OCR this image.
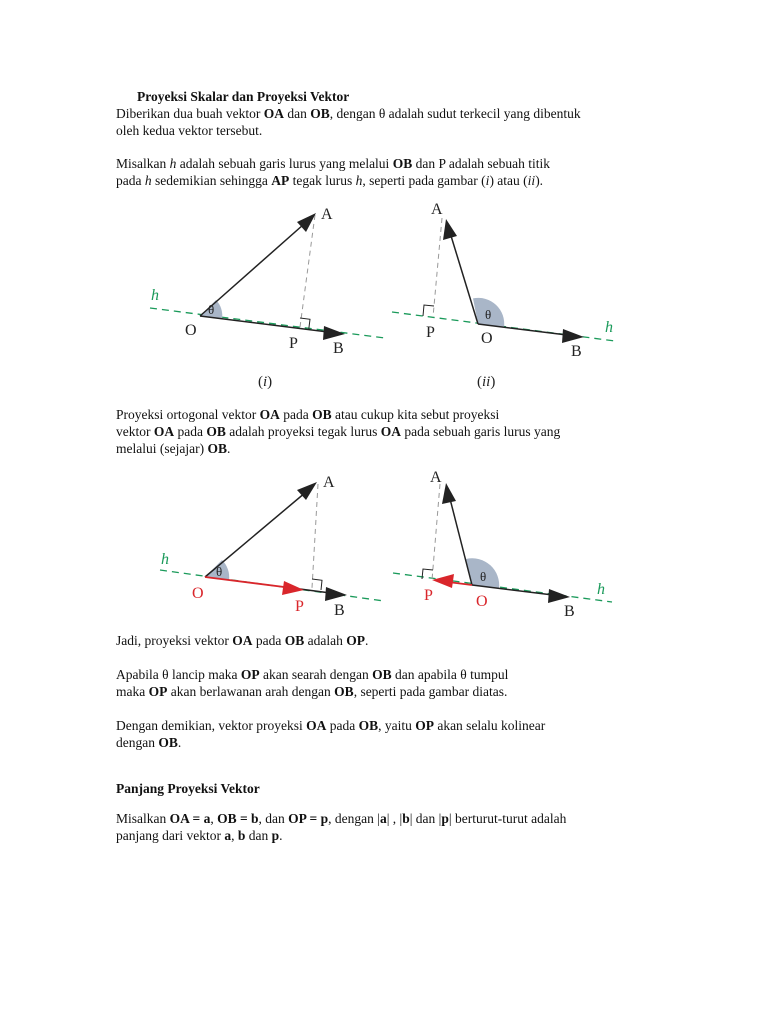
Proyeksi Skalar dan Proyeksi Vektor

Diberikan dua buah vektor OA dan OB, dengan θ adalah sudut terkecil yang dibentuk

oleh kedua vektor tersebut.

Misalkan h adalah sebuah garis lurus yang melalui OB dan P adalah sebuah titik

pada h sedemikian sehingga AP tegak lurus h, seperti pada gambar (i) atau (ii).

A
O
P B
h
θ
(i)
A
P	O
B
h
θ
(ii)

Proyeksi ortogonal vektor OA pada OB atau cukup kita sebut proyeksi

vektor OA pada OB adalah proyeksi tegak lurus OA pada sebuah garis lurus yang

melalui (sejajar) OB.

A
O
P B
h
θ
A
P	O
B
h
θ

Jadi, proyeksi vektor OA pada OB adalah OP.

Apabila θ lancip maka OP akan searah dengan OB dan apabila θ tumpul

maka OP akan berlawanan arah dengan OB, seperti pada gambar diatas.

Dengan demikian, vektor proyeksi OA pada OB, yaitu OP akan selalu kolinear

dengan OB.

Panjang Proyeksi Vektor

Misalkan OA = a, OB = b, dan OP = p, dengan |a| , |b| dan |p| berturut-turut adalah

panjang dari vektor a, b dan p.
